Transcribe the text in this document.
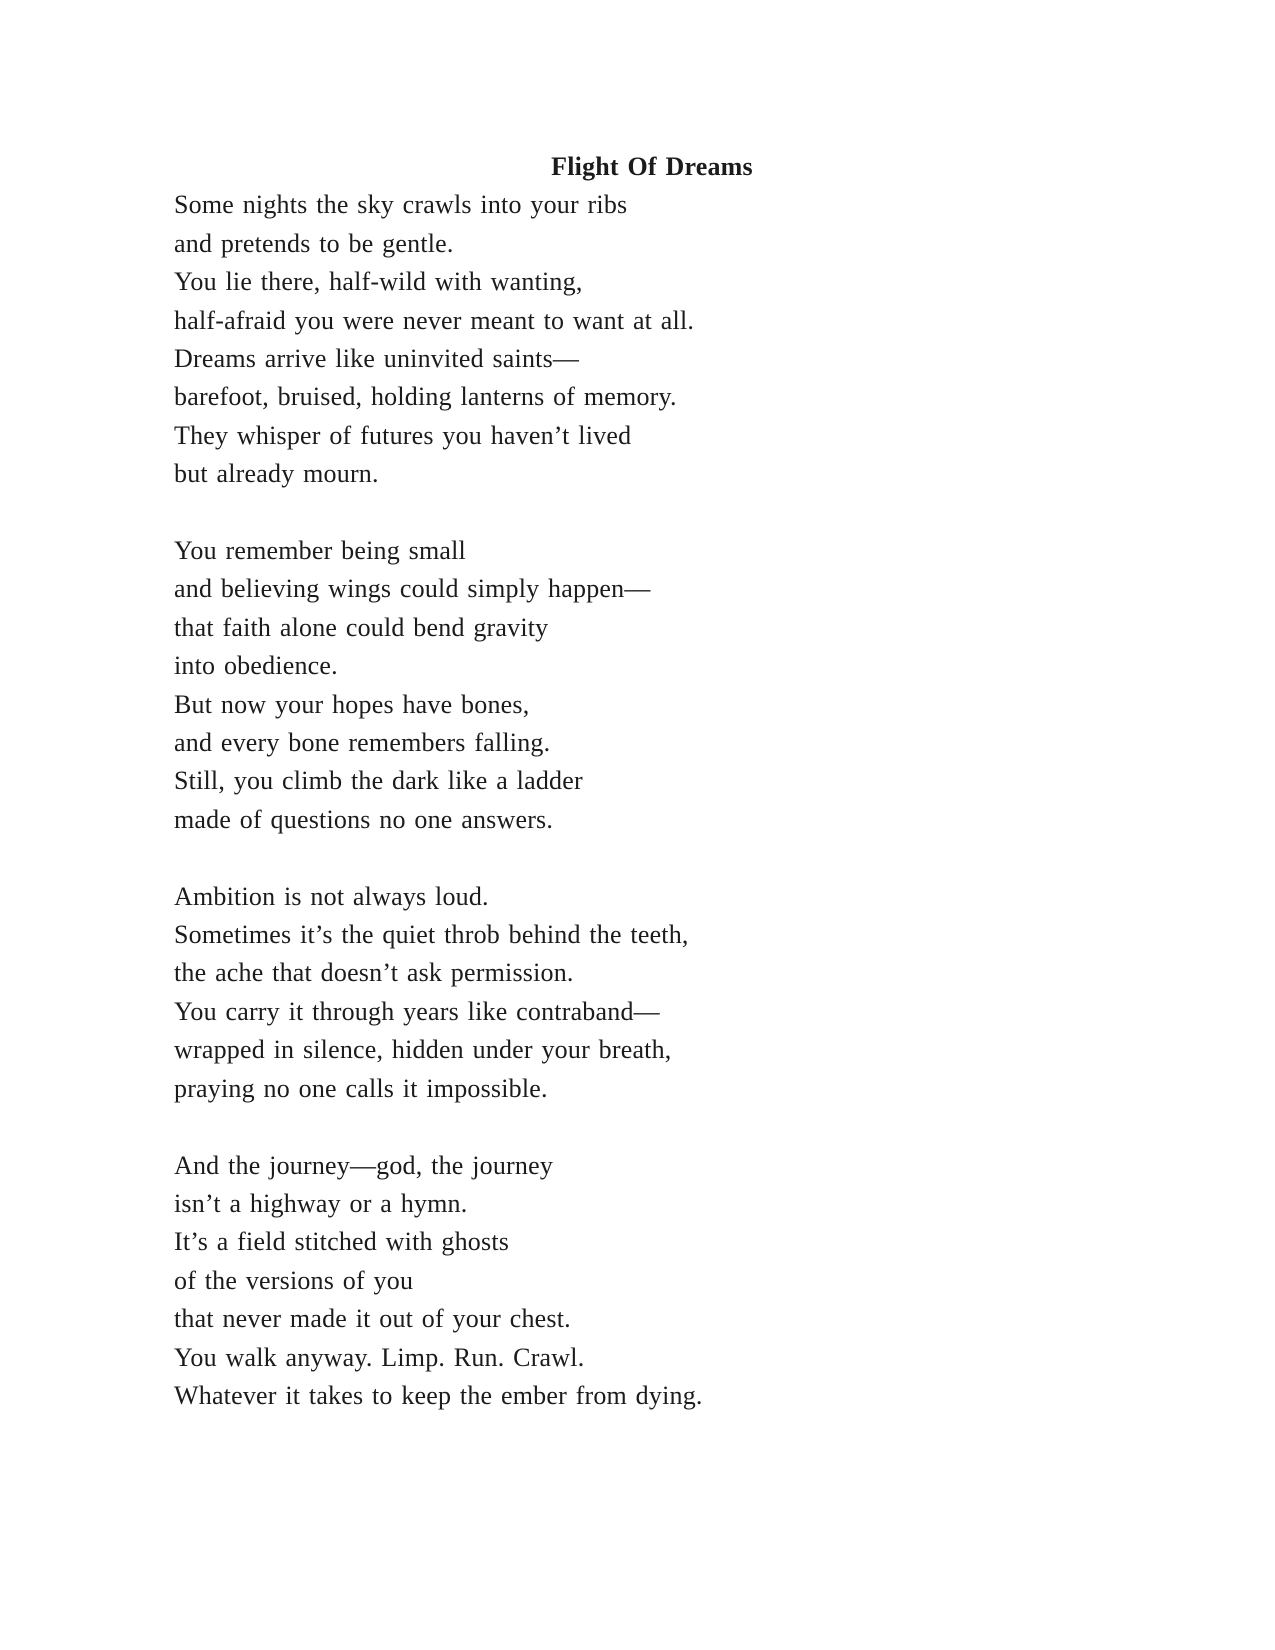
Flight Of Dreams
Some nights the sky crawls into your ribs
and pretends to be gentle.
You lie there, half-wild with wanting,
half-afraid you were never meant to want at all.
Dreams arrive like uninvited saints—
barefoot, bruised, holding lanterns of memory.
They whisper of futures you haven’t lived
but already mourn.
You remember being small
and believing wings could simply happen—
that faith alone could bend gravity
into obedience.
But now your hopes have bones,
and every bone remembers falling.
Still, you climb the dark like a ladder
made of questions no one answers.
Ambition is not always loud.
Sometimes it’s the quiet throb behind the teeth,
the ache that doesn’t ask permission.
You carry it through years like contraband—
wrapped in silence, hidden under your breath,
praying no one calls it impossible.
And the journey—god, the journey
isn’t a highway or a hymn.
It’s a field stitched with ghosts
of the versions of you
that never made it out of your chest.
You walk anyway. Limp. Run. Crawl.
Whatever it takes to keep the ember from dying.
